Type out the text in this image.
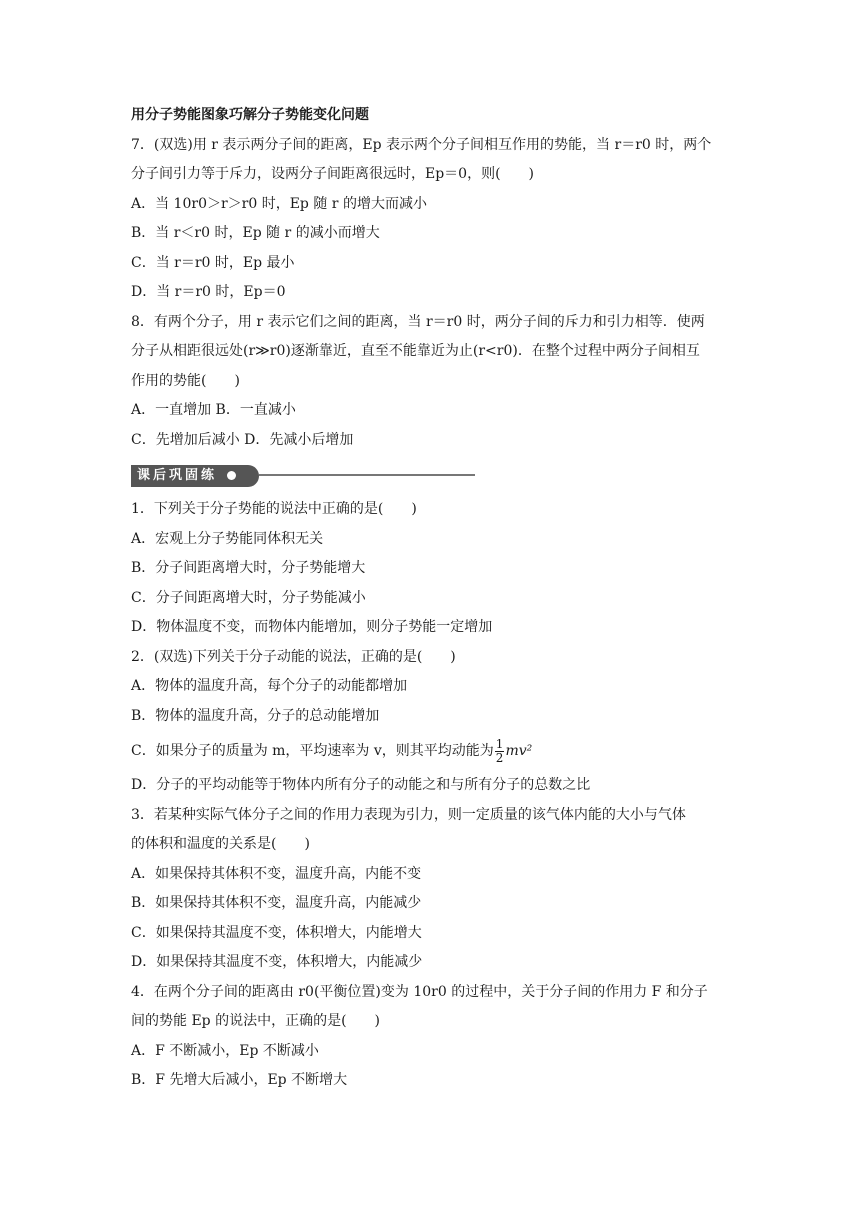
用分子势能图象巧解分子势能变化问题

7．(双选)用 r 表示两分子间的距离，Ep 表示两个分子间相互作用的势能，当 r＝r0 时，两个

分子间引力等于斥力，设两分子间距离很远时，Ep＝0，则(　　)

A．当 10r0＞r＞r0 时，Ep 随 r 的增大而减小

B．当 r＜r0 时，Ep 随 r 的减小而增大

C．当 r＝r0 时，Ep 最小

D．当 r＝r0 时，Ep＝0

8．有两个分子，用 r 表示它们之间的距离，当 r＝r0 时，两分子间的斥力和引力相等．使两

分子从相距很远处(r≫r0)逐渐靠近，直至不能靠近为止(r<r0)．在整个过程中两分子间相互

作用的势能(　　)

A．一直增加 B．一直减小

C．先增加后减小 D．先减小后增加

课后巩固练

1．下列关于分子势能的说法中正确的是(　　)

A．宏观上分子势能同体积无关

B．分子间距离增大时，分子势能增大

C．分子间距离增大时，分子势能减小

D．物体温度不变，而物体内能增加，则分子势能一定增加

2．(双选)下列关于分子动能的说法，正确的是(　　)

A．物体的温度升高，每个分子的动能都增加

B．物体的温度升高，分子的总动能增加

C．如果分子的质量为 m，平均速率为 v，则其平均动能为 $\frac{1}{2} mv^2$

D．分子的平均动能等于物体内所有分子的动能之和与所有分子的总数之比

3．若某种实际气体分子之间的作用力表现为引力，则一定质量的该气体内能的大小与气体

的体积和温度的关系是(　　)

A．如果保持其体积不变，温度升高，内能不变

B．如果保持其体积不变，温度升高，内能减少

C．如果保持其温度不变，体积增大，内能增大

D．如果保持其温度不变，体积增大，内能减少

4．在两个分子间的距离由 r0(平衡位置)变为 10r0 的过程中，关于分子间的作用力 F 和分子

间的势能 Ep 的说法中，正确的是(　　)

A．F 不断减小，Ep 不断减小

B．F 先增大后减小，Ep 不断增大
